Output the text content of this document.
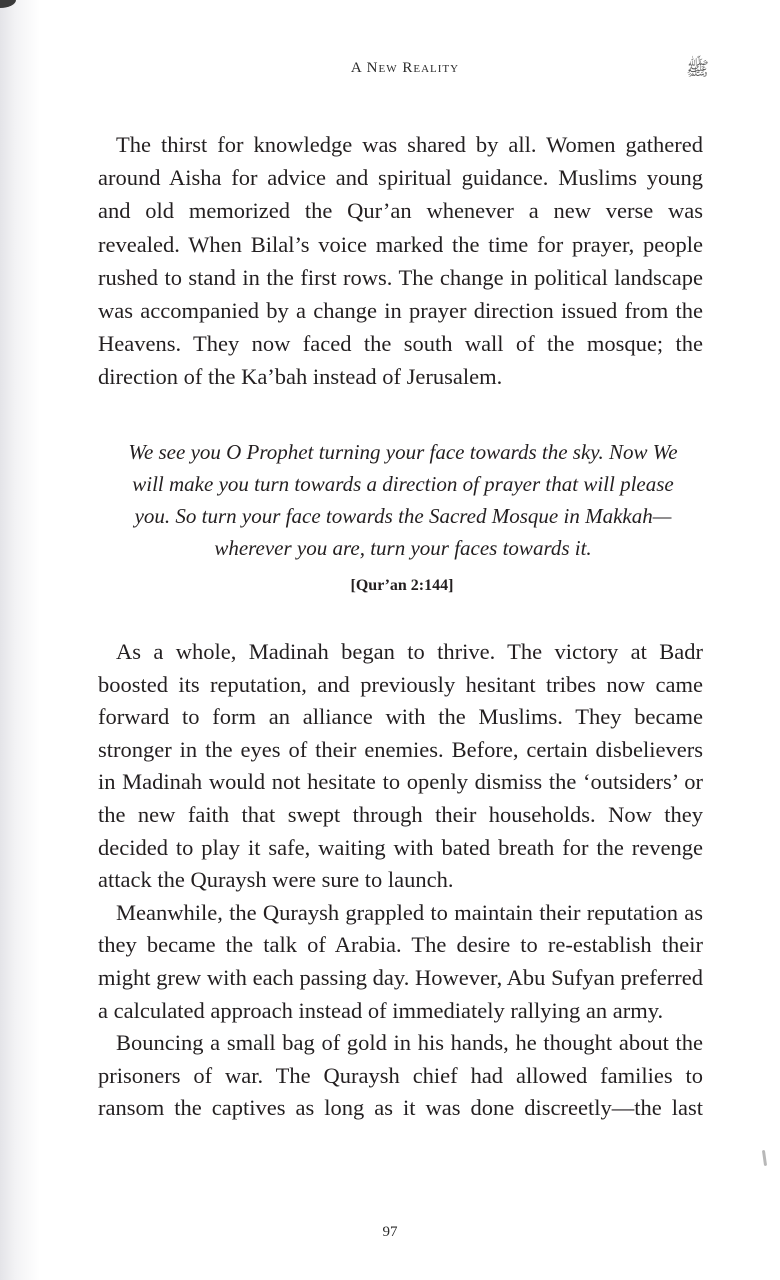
A New Reality	ﷺ

The thirst for knowledge was shared by all. Women gathered around Aisha for advice and spiritual guidance. Muslims young and old memorized the Qur’an whenever a new verse was revealed. When Bilal’s voice marked the time for prayer, people rushed to stand in the first rows. The change in political landscape was accompanied by a change in prayer direction issued from the Heavens. They now faced the south wall of the mosque; the direction of the Ka’bah instead of Jerusalem.

We see you O Prophet turning your face towards the sky. Now We will make you turn towards a direction of prayer that will please you. So turn your face towards the Sacred Mosque in Makkah—wherever you are, turn your faces towards it.
[Qur’an 2:144]

As a whole, Madinah began to thrive. The victory at Badr boosted its reputation, and previously hesitant tribes now came forward to form an alliance with the Muslims. They became stronger in the eyes of their enemies. Before, certain disbelievers in Madinah would not hesitate to openly dismiss the ‘outsiders’ or the new faith that swept through their households. Now they decided to play it safe, waiting with bated breath for the revenge attack the Quraysh were sure to launch.

Meanwhile, the Quraysh grappled to maintain their reputation as they became the talk of Arabia. The desire to re-establish their might grew with each passing day. However, Abu Sufyan preferred a calculated approach instead of immediately rallying an army.

Bouncing a small bag of gold in his hands, he thought about the prisoners of war. The Quraysh chief had allowed families to ransom the captives as long as it was done discreetly—the last

97
